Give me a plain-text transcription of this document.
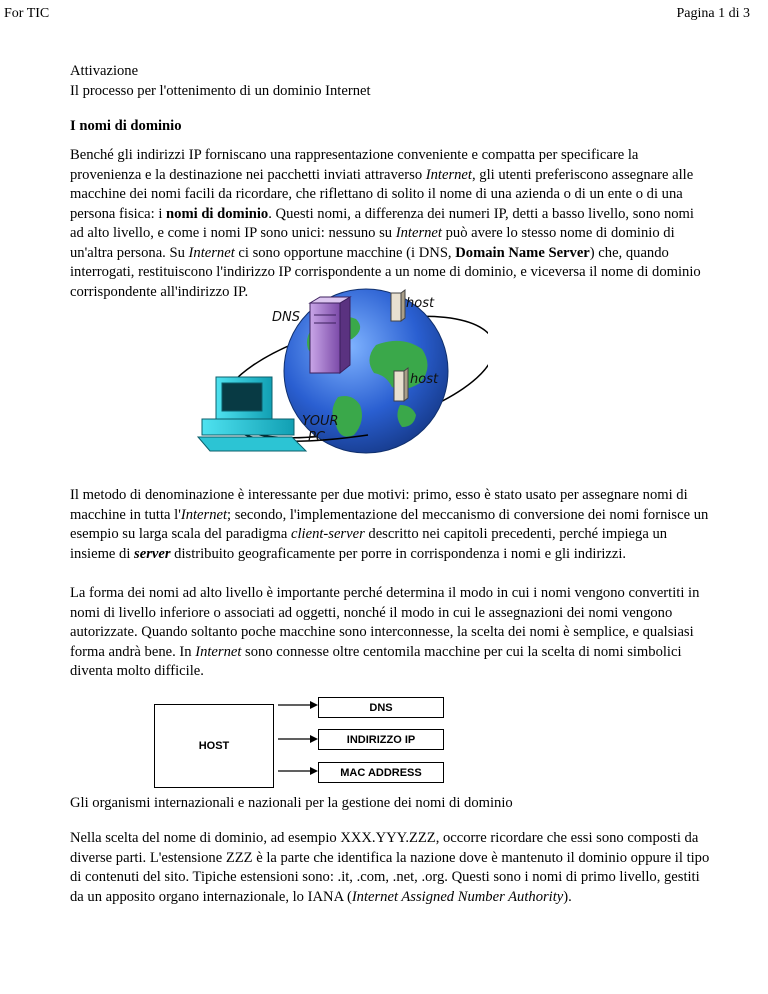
For TIC	Pagina 1 di 3

Attivazione
Il processo per l'ottenimento di un dominio Internet

I nomi di dominio

Benché gli indirizzi IP forniscano una rappresentazione conveniente e compatta per specificare la provenienza e la destinazione nei pacchetti inviati attraverso Internet, gli utenti preferiscono assegnare alle macchine dei nomi facili da ricordare, che riflettano di solito il nome di una azienda o di un ente o di una persona fisica: i nomi di dominio. Questi nomi, a differenza dei numeri IP, detti a basso livello, sono nomi ad alto livello, e come i nomi IP sono unici: nessuno su Internet può avere lo stesso nome di dominio di un'altra persona. Su Internet ci sono opportune macchine (i DNS, Domain Name Server) che, quando interrogati, restituiscono l'indirizzo IP corrispondente a un nome di dominio, e viceversa il nome di dominio corrispondente all'indirizzo IP.

DNS
host
host
YOUR
PC

Il metodo di denominazione è interessante per due motivi: primo, esso è stato usato per assegnare nomi di macchine in tutta l'Internet; secondo, l'implementazione del meccanismo di conversione dei nomi fornisce un esempio su larga scala del paradigma client-server descritto nei capitoli precedenti, perché impiega un insieme di server distribuito geograficamente per porre in corrispondenza i nomi e gli indirizzi.

La forma dei nomi ad alto livello è importante perché determina il modo in cui i nomi vengono convertiti in nomi di livello inferiore o associati ad oggetti, nonché il modo in cui le assegnazioni dei nomi vengono autorizzate. Quando soltanto poche macchine sono interconnesse, la scelta dei nomi è semplice, e qualsiasi forma andrà bene. In Internet sono connesse oltre centomila macchine per cui la scelta di nomi simbolici diventa molto difficile.

HOST
DNS
INDIRIZZO IP
MAC ADDRESS

Gli organismi internazionali e nazionali per la gestione dei nomi di dominio

Nella scelta del nome di dominio, ad esempio XXX.YYY.ZZZ, occorre ricordare che essi sono composti da diverse parti. L'estensione ZZZ è la parte che identifica la nazione dove è mantenuto il dominio oppure il tipo di contenuti del sito. Tipiche estensioni sono: .it, .com, .net, .org. Questi sono i nomi di primo livello, gestiti da un apposito organo internazionale, lo IANA (Internet Assigned Number Authority).
